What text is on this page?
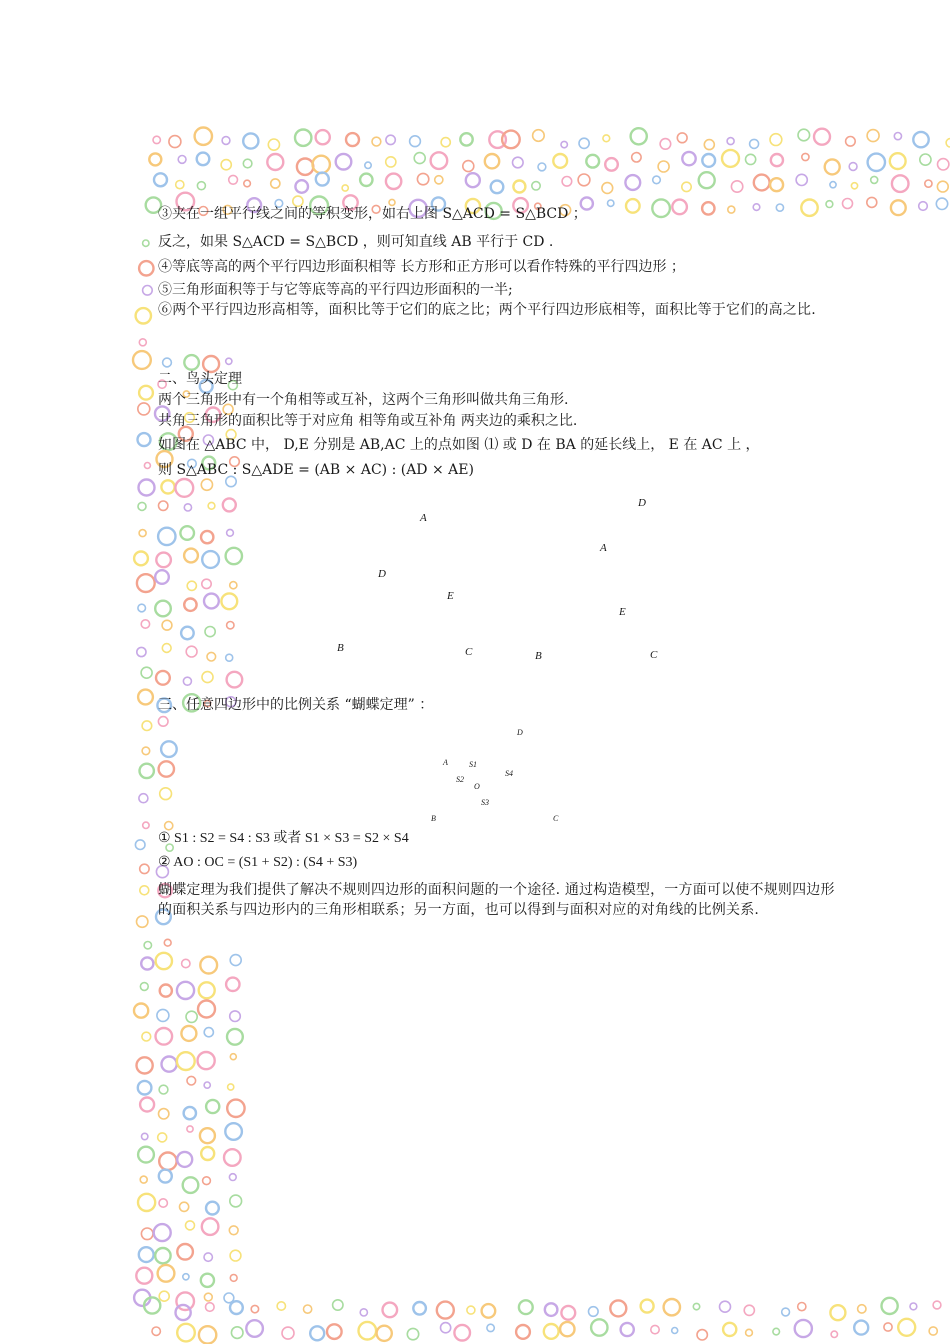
③夹在一组平行线之间的等积变形，如右上图 S△ACD = S△BCD ；
反之，如果 S△ACD = S△BCD ，则可知直线 AB 平行于 CD .
④等底等高的两个平行四边形面积相等 长方形和正方形可以看作特殊的平行四边形 ；
⑤三角形面积等于与它等底等高的平行四边形面积的一半;
⑥两个平行四边形高相等，面积比等于它们的底之比；两个平行四边形底相等，面积比等于它们的高之比.
二、鸟头定理
两个三角形中有一个角相等或互补，这两个三角形叫做共角三角形.
共角三角形的面积比等于对应角 相等角或互补角 两夹边的乘积之比.
如图在 △ABC 中， D,E 分别是 AB,AC 上的点如图 ⑴ 或 D 在 BA 的延长线上， E 在 AC 上 ，
则 S△ABC : S△ADE = (AB × AC) : (AD × AE)
A
D
E
B	C
D
A
E
B	C
三、任意四边形中的比例关系 “蝴蝶定理” ：
D
A	S1
S4
S2
O
S3
B	C
① S1 : S2 = S4 : S3 或者 S1 × S3 = S2 × S4
② AO : OC = (S1 + S2) : (S4 + S3)
蝴蝶定理为我们提供了解决不规则四边形的面积问题的一个途径. 通过构造模型，一方面可以使不规则四边形的面积关系与四边形内的三角形相联系；另一方面，也可以得到与面积对应的对角线的比例关系.
